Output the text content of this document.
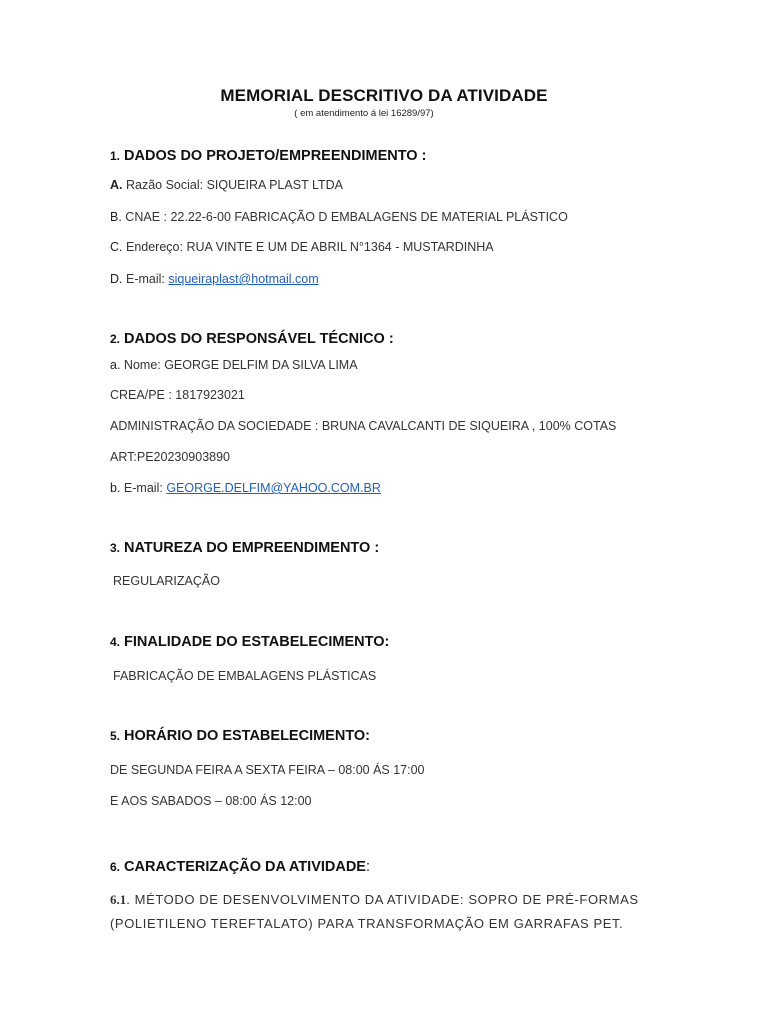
MEMORIAL DESCRITIVO DA ATIVIDADE
( em atendimento á lei 16289/97)
1. DADOS DO PROJETO/EMPREENDIMENTO :
A. Razão Social: SIQUEIRA PLAST LTDA
B. CNAE : 22.22-6-00 FABRICAÇÃO D EMBALAGENS DE MATERIAL PLÁSTICO
C. Endereço: RUA VINTE E UM DE ABRIL N°1364 - MUSTARDINHA
D. E-mail: siqueiraplast@hotmail.com
2. DADOS DO RESPONSÁVEL TÉCNICO :
a. Nome: GEORGE DELFIM DA SILVA LIMA
CREA/PE : 1817923021
ADMINISTRAÇÃO DA SOCIEDADE : BRUNA CAVALCANTI DE SIQUEIRA , 100% COTAS
ART:PE20230903890
b. E-mail: GEORGE.DELFIM@YAHOO.COM.BR
3. NATUREZA DO EMPREENDIMENTO :
REGULARIZAÇÃO
4. FINALIDADE DO ESTABELECIMENTO:
FABRICAÇÃO DE EMBALAGENS PLÁSTICAS
5. HORÁRIO DO ESTABELECIMENTO:
DE SEGUNDA FEIRA A SEXTA FEIRA – 08:00 ÁS 17:00
E AOS SABADOS – 08:00 ÁS 12:00
6. CARACTERIZAÇÃO DA ATIVIDADE:
6.1. MÉTODO DE DESENVOLVIMENTO DA ATIVIDADE: SOPRO DE PRÉ-FORMAS
(POLIETILENO TEREFTALATO) PARA TRANSFORMAÇÃO EM GARRAFAS PET.
